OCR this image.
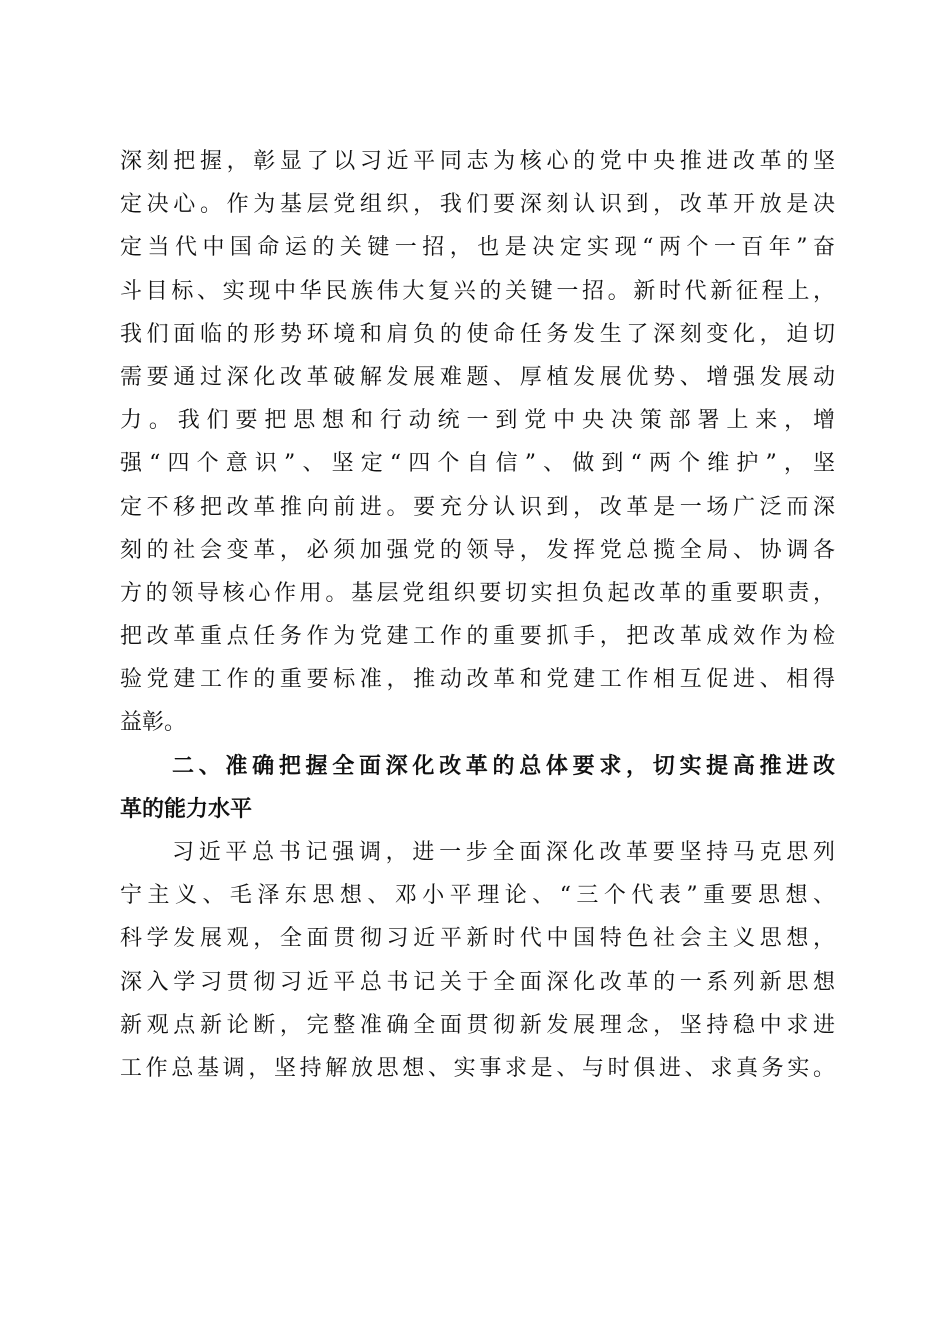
深刻把握，彰显了以习近平同志为核心的党中央推进改革的坚
定决心。作为基层党组织，我们要深刻认识到，改革开放是决
定当代中国命运的关键一招，也是决定实现“两个一百年”奋
斗目标、实现中华民族伟大复兴的关键一招。新时代新征程上，
我们面临的形势环境和肩负的使命任务发生了深刻变化，迫切
需要通过深化改革破解发展难题、厚植发展优势、增强发展动
力。我们要把思想和行动统一到党中央决策部署上来，增
强“四个意识”、坚定“四个自信”、做到“两个维护”，坚
定不移把改革推向前进。要充分认识到，改革是一场广泛而深
刻的社会变革，必须加强党的领导，发挥党总揽全局、协调各
方的领导核心作用。基层党组织要切实担负起改革的重要职责，
把改革重点任务作为党建工作的重要抓手，把改革成效作为检
验党建工作的重要标准，推动改革和党建工作相互促进、相得
益彰。
二、准确把握全面深化改革的总体要求，切实提高推进改
革的能力水平
习近平总书记强调，进一步全面深化改革要坚持马克思列
宁主义、毛泽东思想、邓小平理论、“三个代表”重要思想、
科学发展观，全面贯彻习近平新时代中国特色社会主义思想，
深入学习贯彻习近平总书记关于全面深化改革的一系列新思想
新观点新论断，完整准确全面贯彻新发展理念，坚持稳中求进
工作总基调，坚持解放思想、实事求是、与时俱进、求真务实。
